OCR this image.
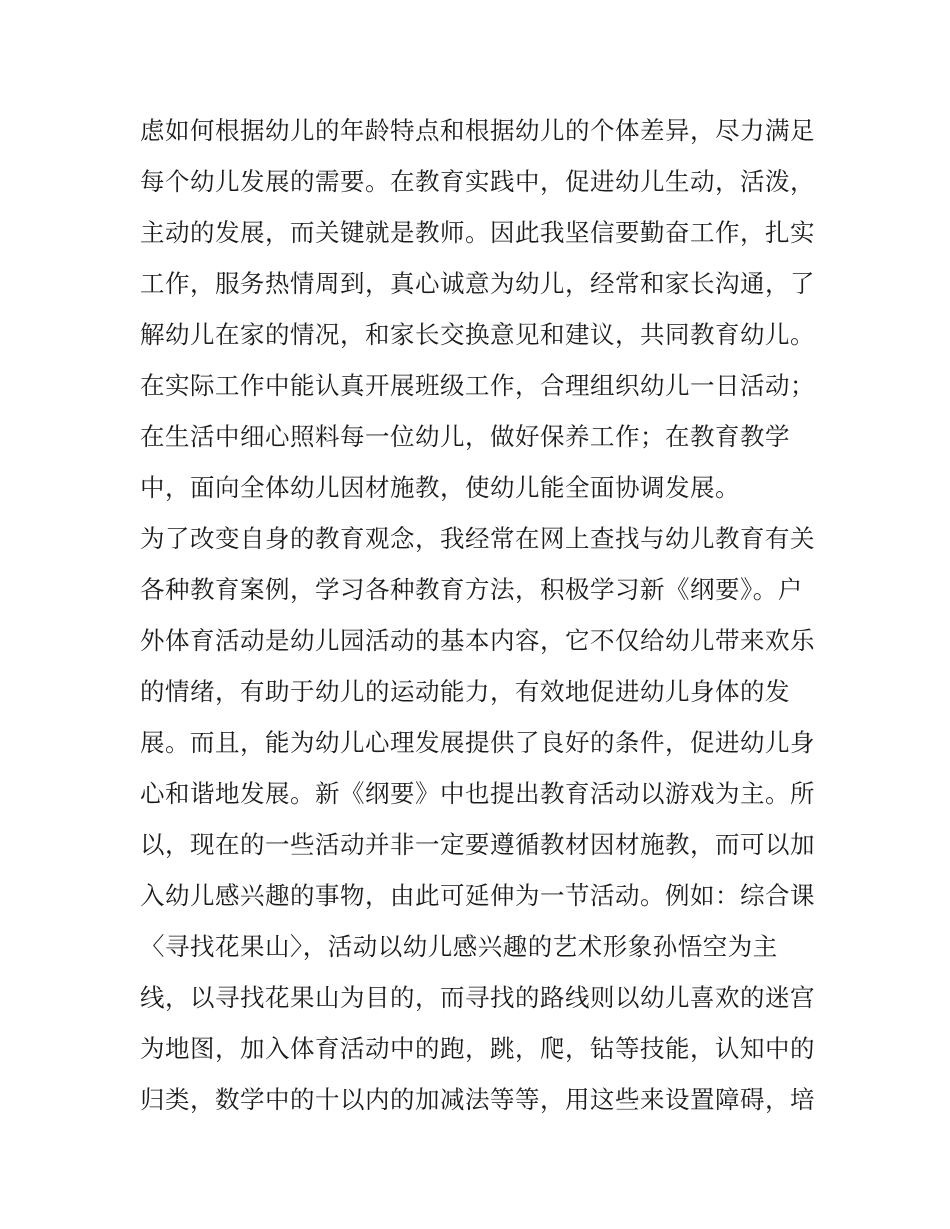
虑如何根据幼儿的年龄特点和根据幼儿的个体差异，尽力满足
每个幼儿发展的需要。在教育实践中，促进幼儿生动，活泼，
主动的发展，而关键就是教师。因此我坚信要勤奋工作，扎实
工作，服务热情周到，真心诚意为幼儿，经常和家长沟通，了
解幼儿在家的情况，和家长交换意见和建议，共同教育幼儿。
在实际工作中能认真开展班级工作，合理组织幼儿一日活动；
在生活中细心照料每一位幼儿，做好保养工作；在教育教学
中，面向全体幼儿因材施教，使幼儿能全面协调发展。
为了改变自身的教育观念，我经常在网上查找与幼儿教育有关
各种教育案例，学习各种教育方法，积极学习新《纲要》。户
外体育活动是幼儿园活动的基本内容，它不仅给幼儿带来欢乐
的情绪，有助于幼儿的运动能力，有效地促进幼儿身体的发
展。而且，能为幼儿心理发展提供了良好的条件，促进幼儿身
心和谐地发展。新《纲要》中也提出教育活动以游戏为主。所
以，现在的一些活动并非一定要遵循教材因材施教，而可以加
入幼儿感兴趣的事物，由此可延伸为一节活动。例如：综合课
〈寻找花果山〉，活动以幼儿感兴趣的艺术形象孙悟空为主
线，以寻找花果山为目的，而寻找的路线则以幼儿喜欢的迷宫
为地图，加入体育活动中的跑，跳，爬，钻等技能，认知中的
归类，数学中的十以内的加减法等等，用这些来设置障碍，培
